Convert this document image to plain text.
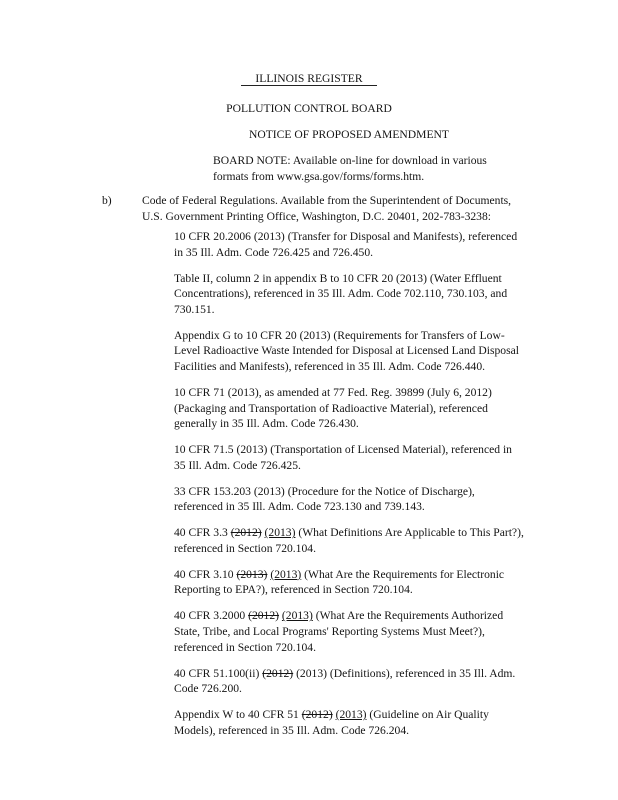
ILLINOIS REGISTER
POLLUTION CONTROL BOARD
NOTICE OF PROPOSED AMENDMENT
BOARD NOTE: Available on-line for download in various formats from www.gsa.gov/forms/forms.htm.
b)	Code of Federal Regulations. Available from the Superintendent of Documents, U.S. Government Printing Office, Washington, D.C. 20401, 202-783-3238:
10 CFR 20.2006 (2013) (Transfer for Disposal and Manifests), referenced in 35 Ill. Adm. Code 726.425 and 726.450.
Table II, column 2 in appendix B to 10 CFR 20 (2013) (Water Effluent Concentrations), referenced in 35 Ill. Adm. Code 702.110, 730.103, and 730.151.
Appendix G to 10 CFR 20 (2013) (Requirements for Transfers of Low-Level Radioactive Waste Intended for Disposal at Licensed Land Disposal Facilities and Manifests), referenced in 35 Ill. Adm. Code 726.440.
10 CFR 71 (2013), as amended at 77 Fed. Reg. 39899 (July 6, 2012) (Packaging and Transportation of Radioactive Material), referenced generally in 35 Ill. Adm. Code 726.430.
10 CFR 71.5 (2013) (Transportation of Licensed Material), referenced in 35 Ill. Adm. Code 726.425.
33 CFR 153.203 (2013) (Procedure for the Notice of Discharge), referenced in 35 Ill. Adm. Code 723.130 and 739.143.
40 CFR 3.3 (2012) (2013) (What Definitions Are Applicable to This Part?), referenced in Section 720.104.
40 CFR 3.10 (2013) (2013) (What Are the Requirements for Electronic Reporting to EPA?), referenced in Section 720.104.
40 CFR 3.2000 (2012) (2013) (What Are the Requirements Authorized State, Tribe, and Local Programs' Reporting Systems Must Meet?), referenced in Section 720.104.
40 CFR 51.100(ii) (2012) (2013) (Definitions), referenced in 35 Ill. Adm. Code 726.200.
Appendix W to 40 CFR 51 (2012) (2013) (Guideline on Air Quality Models), referenced in 35 Ill. Adm. Code 726.204.
